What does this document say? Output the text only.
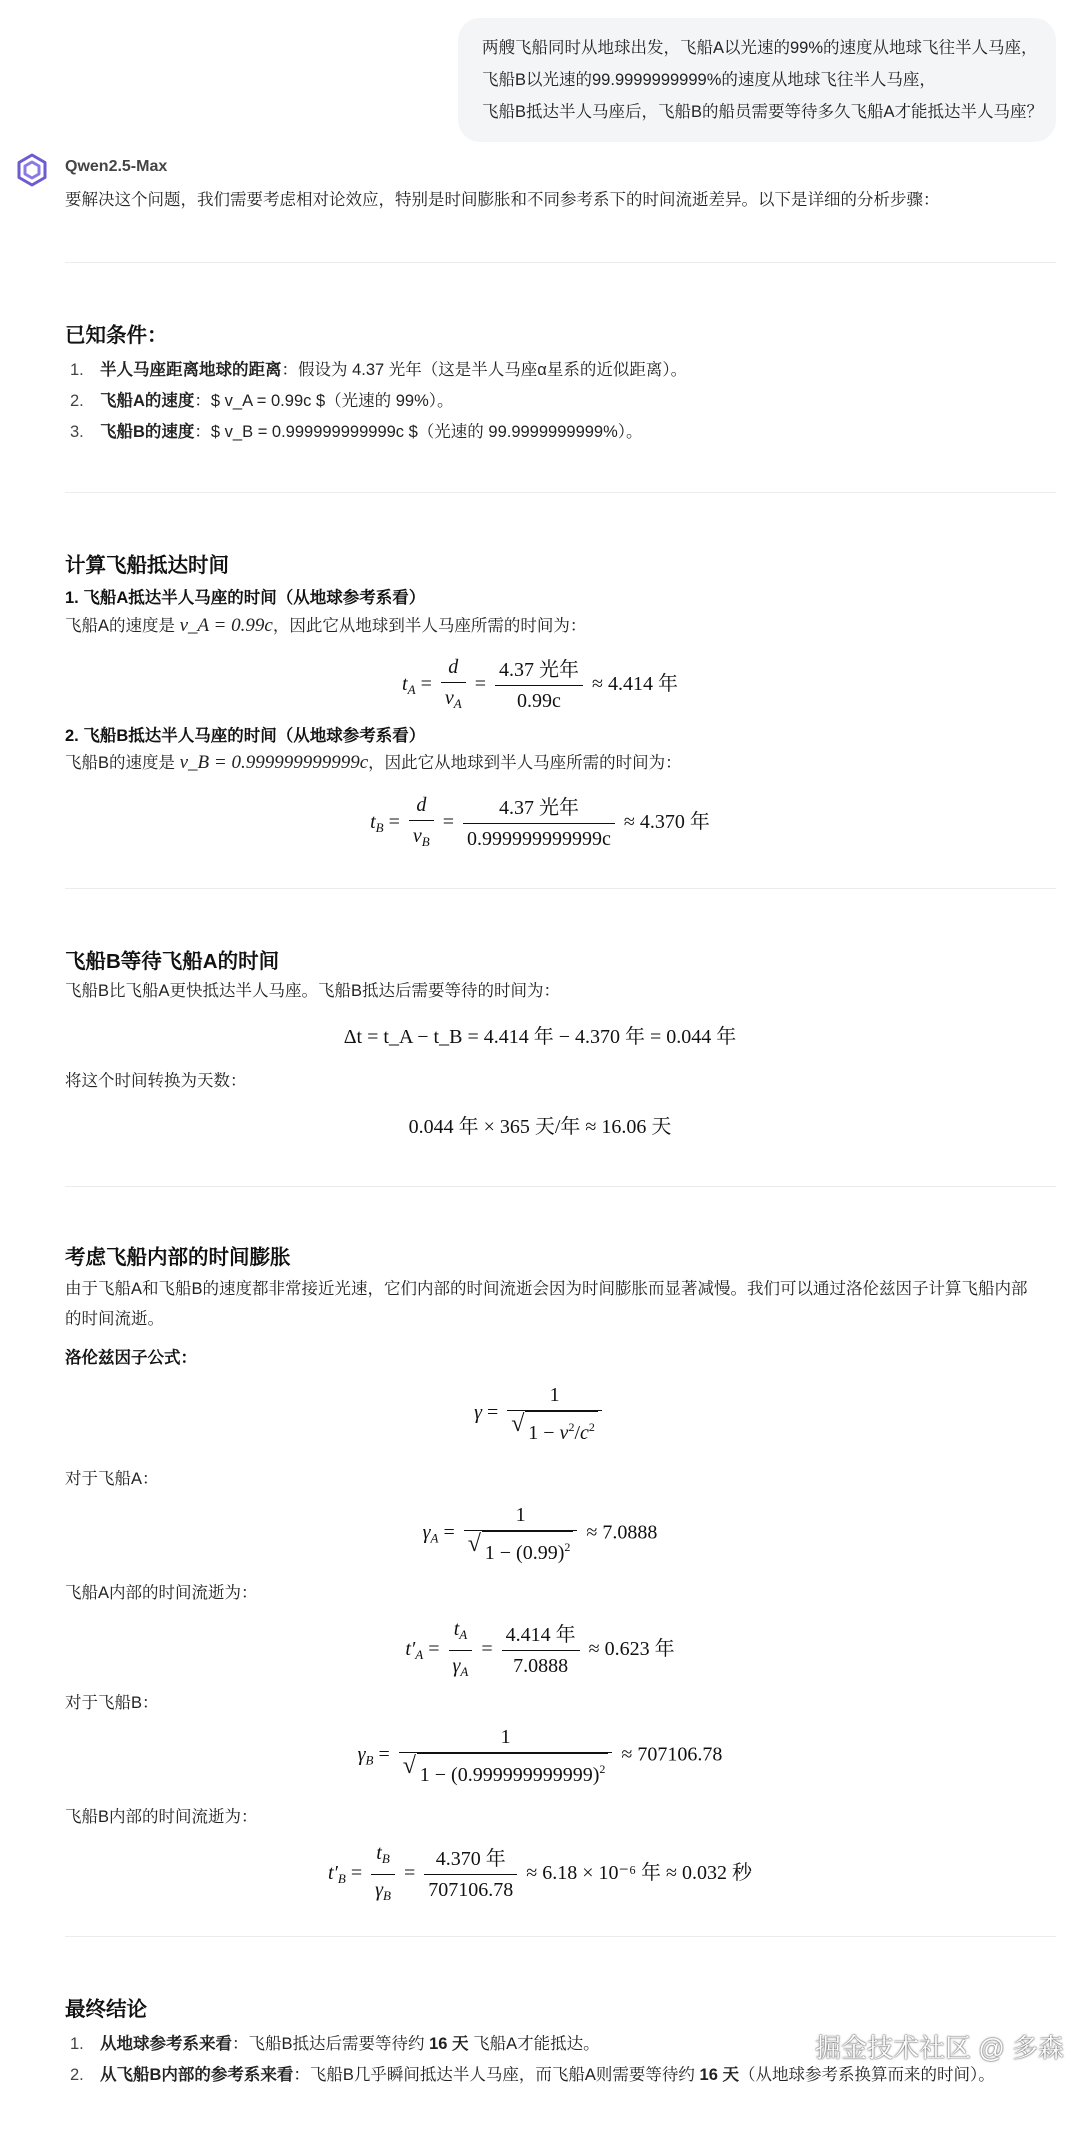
两艘飞船同时从地球出发，飞船A以光速的99%的速度从地球飞往半人马座，
飞船B以光速的99.9999999999%的速度从地球飞往半人马座，
飞船B抵达半人马座后，飞船B的船员需要等待多久飞船A才能抵达半人马座？
Qwen2.5-Max
要解决这个问题，我们需要考虑相对论效应，特别是时间膨胀和不同参考系下的时间流逝差异。以下是详细的分析步骤：
已知条件：
1. 半人马座距离地球的距离：假设为 4.37 光年（这是半人马座α星系的近似距离）。
2. 飞船A的速度：$ v_A = 0.99c $（光速的 99%）。
3. 飞船B的速度：$ v_B = 0.999999999999c $（光速的 99.9999999999%）。
计算飞船抵达时间
1. 飞船A抵达半人马座的时间（从地球参考系看）
飞船A的速度是 v_A = 0.99c，因此它从地球到半人马座所需的时间为：
$t_A = \frac{d}{v_A} = \frac{\text{4.37 光年}}{0.99c} \approx 4.414$ 年
2. 飞船B抵达半人马座的时间（从地球参考系看）
飞船B的速度是 v_B = 0.999999999999c，因此它从地球到半人马座所需的时间为：
$t_B = \frac{d}{v_B} = \frac{\text{4.37 光年}}{0.999999999999c} \approx 4.370$ 年
飞船B等待飞船A的时间
飞船B比飞船A更快抵达半人马座。飞船B抵达后需要等待的时间为：
Δt = t_A − t_B = 4.414 年 − 4.370 年 = 0.044 年
将这个时间转换为天数：
0.044 年 × 365 天/年 ≈ 16.06 天
考虑飞船内部的时间膨胀
由于飞船A和飞船B的速度都非常接近光速，它们内部的时间流逝会因为时间膨胀而显著减慢。我们可以通过洛伦兹因子计算飞船内部
的时间流逝。
洛伦兹因子公式：
$\gamma = \frac{1}{√ 1 - v^2/c^2}$
对于飞船A：
$\gamma_A = \frac{1}{√ 1 - (0.99)^2} \approx 7.0888$
飞船A内部的时间流逝为：
$t'_A = \frac{t_A}{\gamma_A} = \frac{\text{4.414 年}}{7.0888} \approx 0.623$ 年
对于飞船B：
$\gamma_B = \frac{1}{√ 1 - (0.999999999999)^2} \approx 707106.78$
飞船B内部的时间流逝为：
$t'_B = \frac{t_B}{\gamma_B} = \frac{\text{4.370 年}}{707106.78} \approx 6.18 \times 10^{-6}$ 年 ≈ 0.032 秒
最终结论
1. 从地球参考系来看：飞船B抵达后需要等待约 16 天 飞船A才能抵达。
2. 从飞船B内部的参考系来看：飞船B几乎瞬间抵达半人马座，而飞船A则需要等待约 16 天（从地球参考系换算而来的时间）。
掘金技术社区 @ 多森
